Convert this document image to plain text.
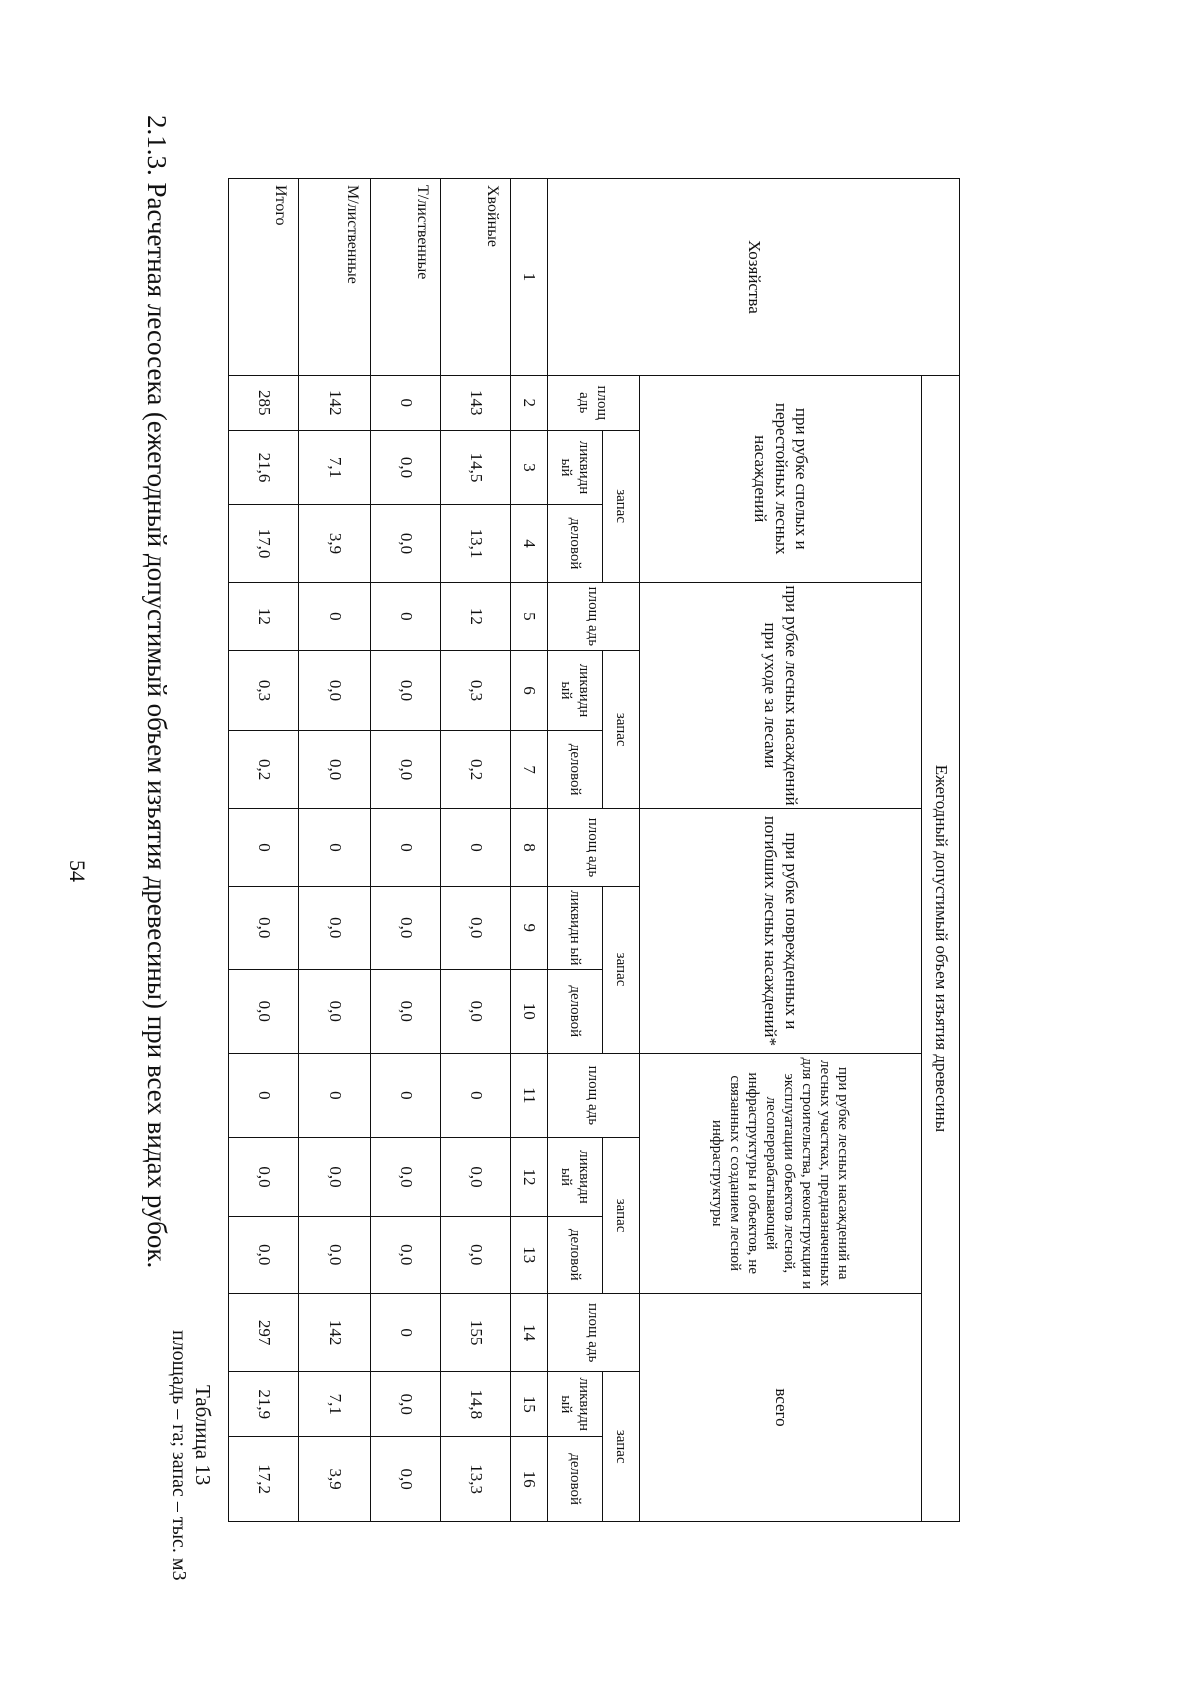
2.1.3. Расчетная лесосека (ежегодный допустимый объем изъятия древесины) при всех видах рубок.
Таблица 13
площадь – га; запас – тыс. м3
Хозяйства	Ежегодный допустимый объем изъятия древесины														
	при рубке спелых и перестойных лесных насаждений			при рубке лесных насаждений при уходе за лесами			при рубке поврежденных и погибших лесных насаждений*			при рубке лесных насаждений на лесных участках, предназначенных для строительства, реконструкции и эксплуатации объектов лесной, лесоперерабатывающей инфраструктуры и объектов, не связанных с созданием лесной инфраструктуры			всего		
	площ адь	запас		площ адь	запас		площ адь	запас		площ адь	запас		площ адь	запас	
		ликвидн ый	деловой		ликвидн ый	деловой		ликвидн ый	деловой		ликвидн ый	деловой		ликвидн ый	деловой
1	2	3	4	5	6	7	8	9	10	11	12	13	14	15	16
Хвойные	143	14,5	13,1	12	0,3	0,2	0	0,0	0,0	0	0,0	0,0	155	14,8	13,3
Т/лиственные	0	0,0	0,0	0	0,0	0,0	0	0,0	0,0	0	0,0	0,0	0	0,0	0,0
М/лиственные	142	7,1	3,9	0	0,0	0,0	0	0,0	0,0	0	0,0	0,0	142	7,1	3,9
Итого	285	21,6	17,0	12	0,3	0,2	0	0,0	0,0	0	0,0	0,0	297	21,9	17,2
54
